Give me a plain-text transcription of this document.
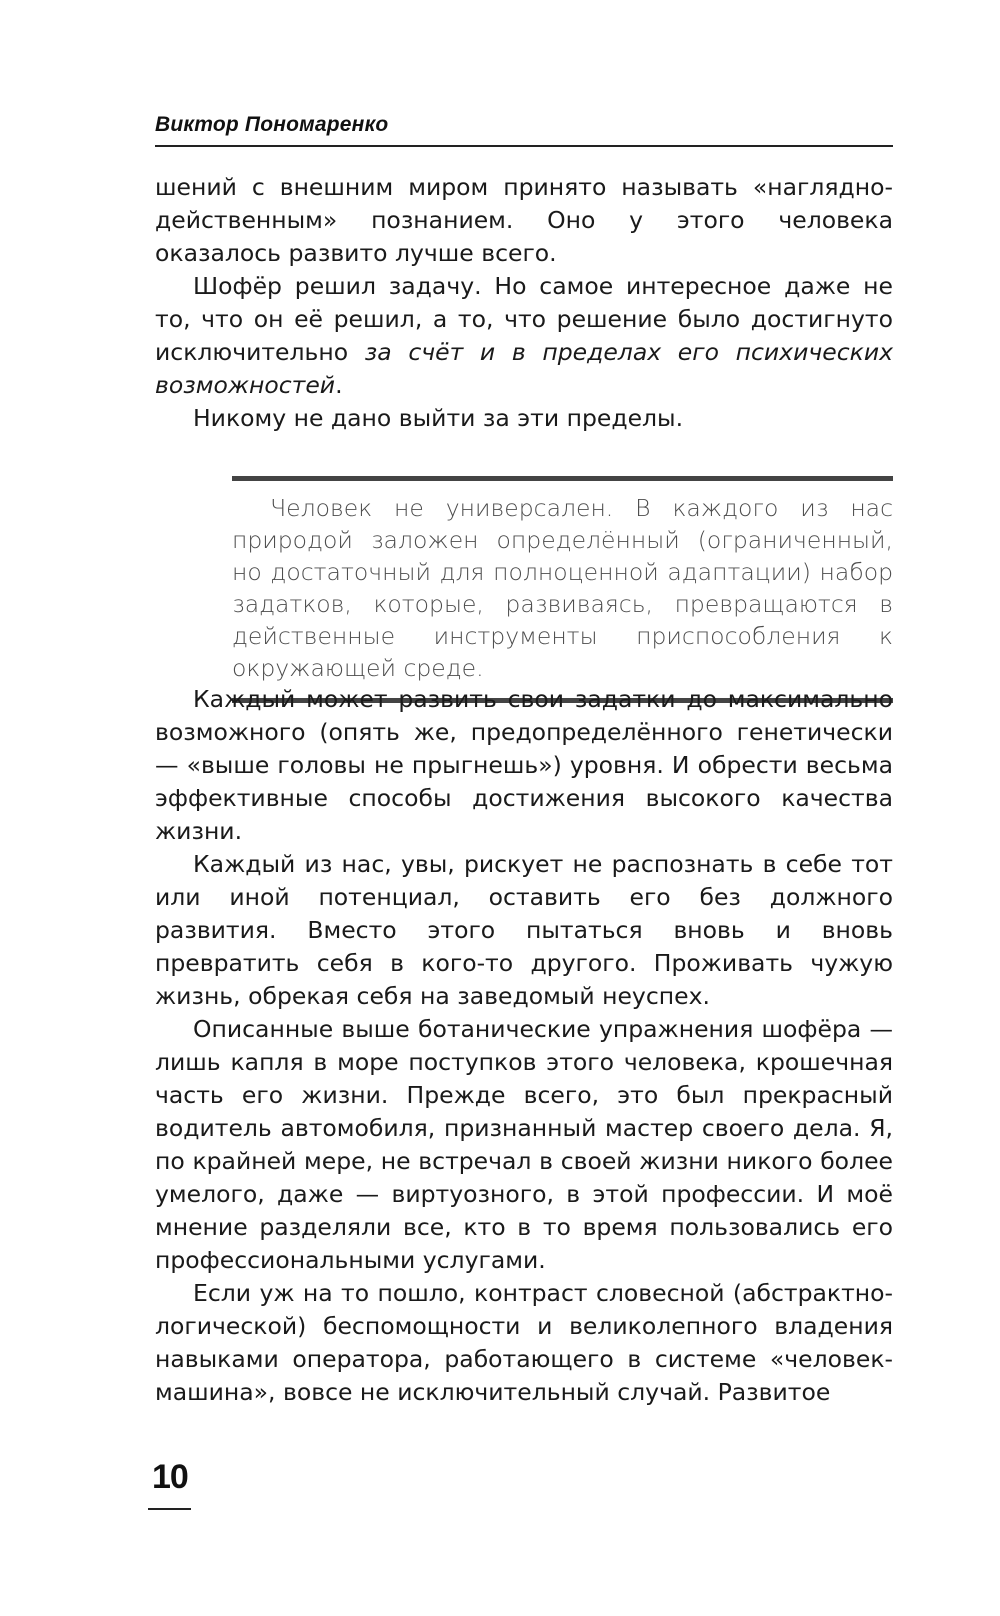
Виктор Пономаренко

шений с внешним миром принято называть «наглядно-действенным» познанием. Оно у этого человека оказалось развито лучше всего.

Шофёр решил задачу. Но самое интересное даже не то, что он её решил, а то, что решение было достигнуто исключительно за счёт и в пределах его психических возможностей.

Никому не дано выйти за эти пределы.

Человек не универсален. В каждого из нас природой заложен определённый (ограниченный, но достаточный для полноценной адаптации) набор задатков, которые, развиваясь, превращаются в действенные инструменты приспособления к окружающей среде.

Каждый может развить свои задатки до максимально возможного (опять же, предопределённого генетически — «выше головы не прыгнешь») уровня. И обрести весьма эффективные способы достижения высокого качества жизни.

Каждый из нас, увы, рискует не распознать в себе тот или иной потенциал, оставить его без должного развития. Вместо этого пытаться вновь и вновь превратить себя в кого-то другого. Проживать чужую жизнь, обрекая себя на заведомый неуспех.

Описанные выше ботанические упражнения шофёра — лишь капля в море поступков этого человека, крошечная часть его жизни. Прежде всего, это был прекрасный водитель автомобиля, признанный мастер своего дела. Я, по крайней мере, не встречал в своей жизни никого более умелого, даже — виртуозного, в этой профессии. И моё мнение разделяли все, кто в то время пользовались его профессиональными услугами.

Если уж на то пошло, контраст словесной (абстрактно-логической) беспомощности и великолепного владения навыками оператора, работающего в системе «человек-машина», вовсе не исключительный случай. Развитое

10
